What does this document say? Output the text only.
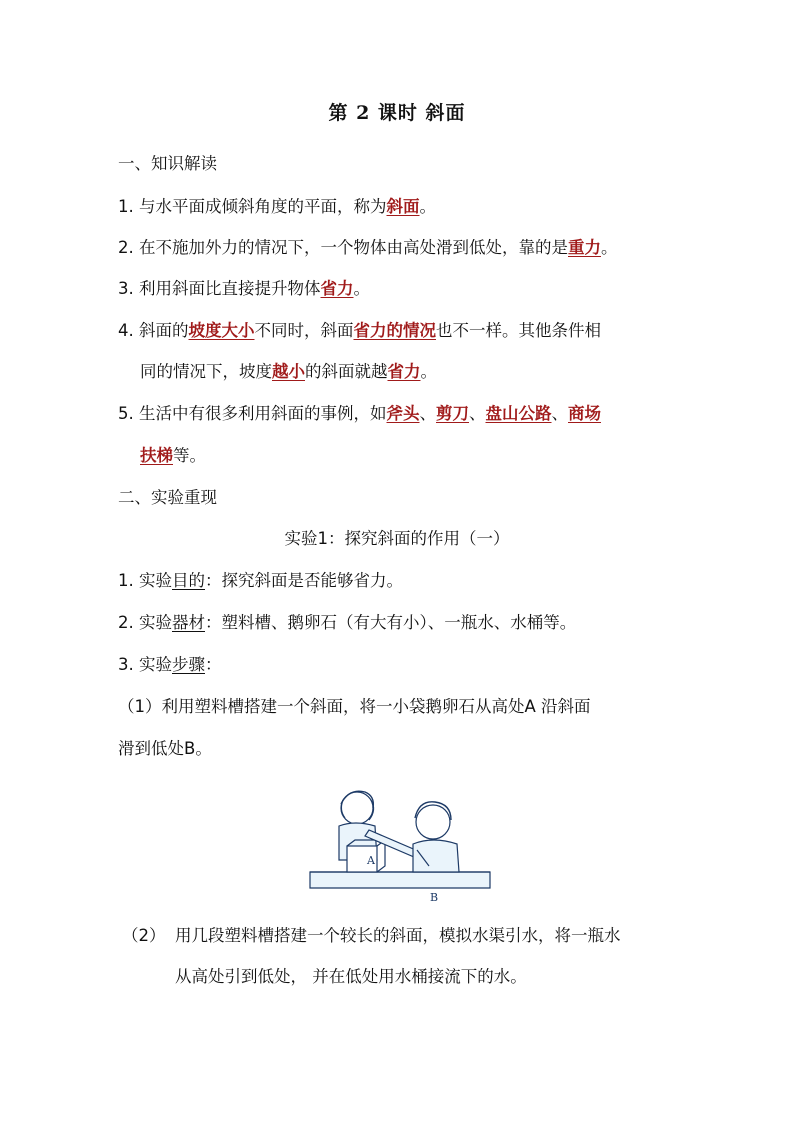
第 2 课时 斜面
一、知识解读
1. 与水平面成倾斜角度的平面，称为斜面。
2. 在不施加外力的情况下，一个物体由高处滑到低处，靠的是重力。
3. 利用斜面比直接提升物体省力。
4. 斜面的坡度大小不同时，斜面省力的情况也不一样。其他条件相
同的情况下，坡度越小的斜面就越省力。
5. 生活中有很多利用斜面的事例，如斧头、剪刀、盘山公路、商场
扶梯等。
二、实验重现
实验1：探究斜面的作用（一）
1. 实验目的：探究斜面是否能够省力。
2. 实验器材：塑料槽、鹅卵石（有大有小）、一瓶水、水桶等。
3. 实验步骤：
（1）利用塑料槽搭建一个斜面，将一小袋鹅卵石从高处A 沿斜面
滑到低处B。
A
B
（2） 用几段塑料槽搭建一个较长的斜面，模拟水渠引水，将一瓶水
从高处引到低处， 并在低处用水桶接流下的水。
